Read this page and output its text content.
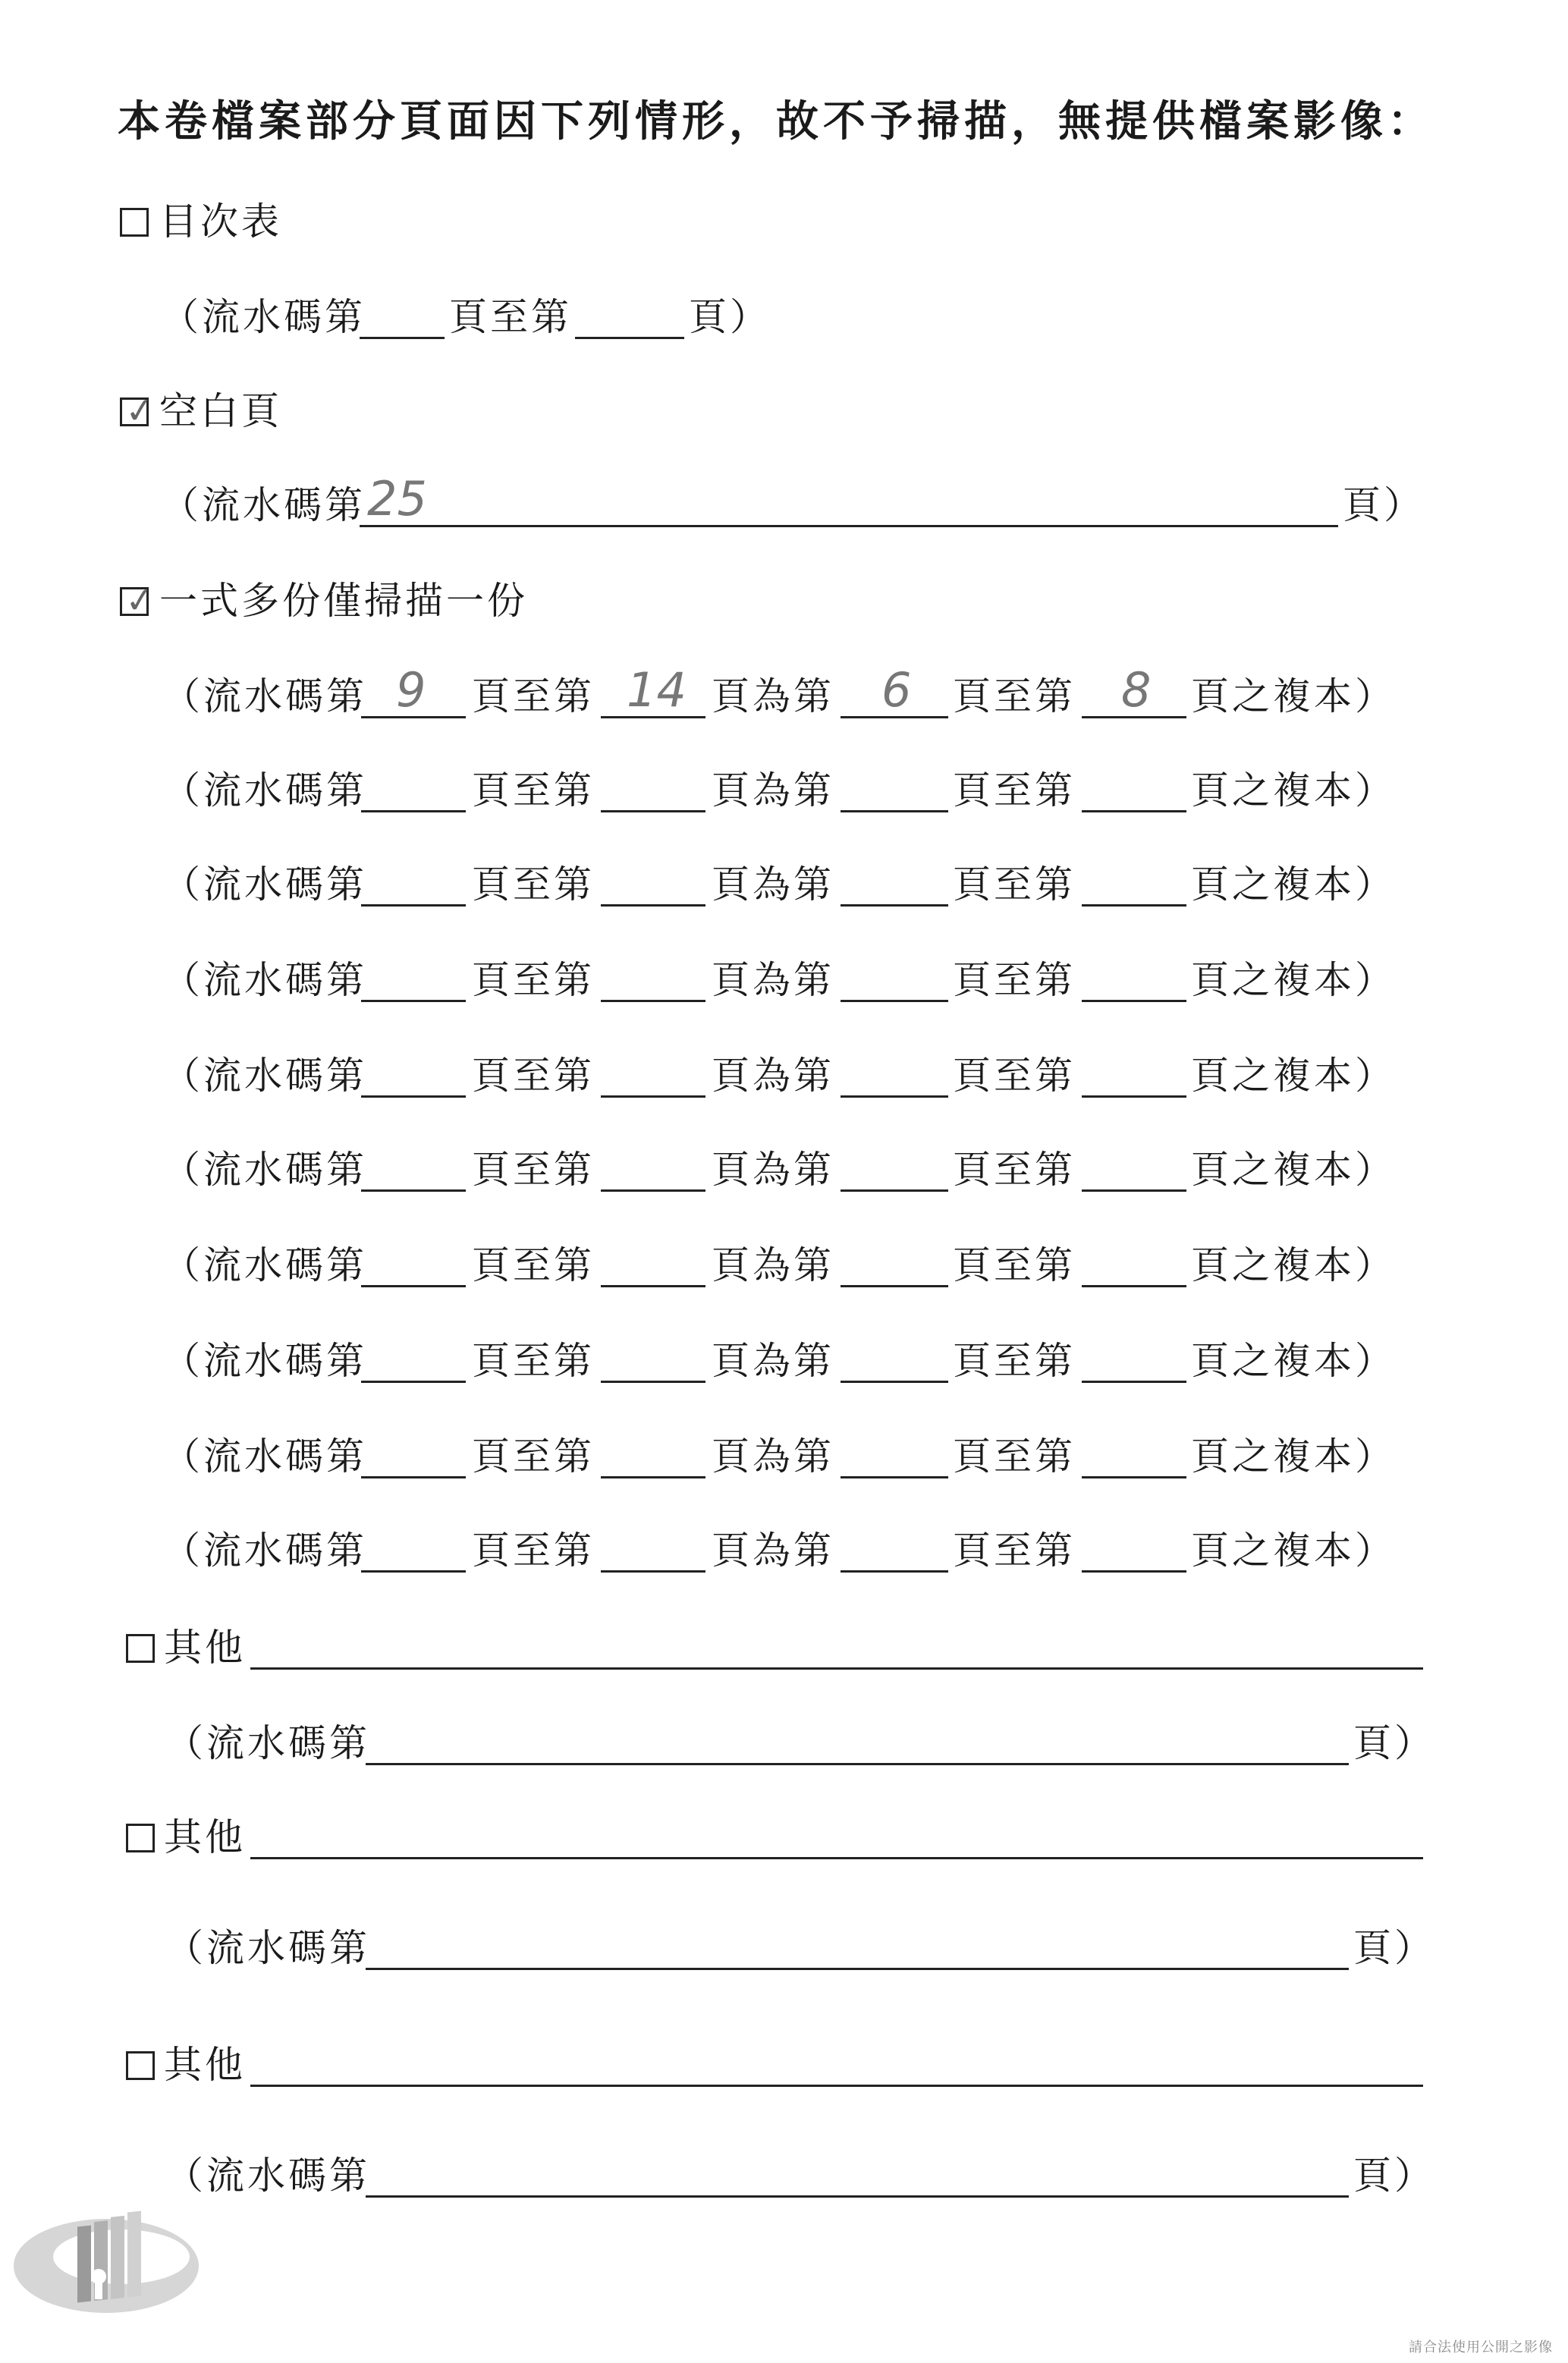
本卷檔案部分頁面因下列情形，故不予掃描，無提供檔案影像：
目次表
（流水碼第 頁至第	頁）
✓ 空白頁
（流水碼第 25	頁）
✓ 一式多份僅掃描一份
（流水碼第 9 頁至第 14 頁為第 6 頁至第 8 頁之複本）
（流水碼第	頁至第	頁為第	頁至第	頁之複本）
（流水碼第	頁至第	頁為第	頁至第	頁之複本）
（流水碼第	頁至第	頁為第	頁至第	頁之複本）
（流水碼第	頁至第	頁為第	頁至第	頁之複本）
（流水碼第	頁至第	頁為第	頁至第	頁之複本）
（流水碼第	頁至第	頁為第	頁至第	頁之複本）
（流水碼第	頁至第	頁為第	頁至第	頁之複本）
（流水碼第	頁至第	頁為第	頁至第	頁之複本）
（流水碼第	頁至第	頁為第	頁至第	頁之複本）
其他
（流水碼第	頁）
其他
（流水碼第	頁）
其他
（流水碼第	頁）
請合法使用公開之影像
